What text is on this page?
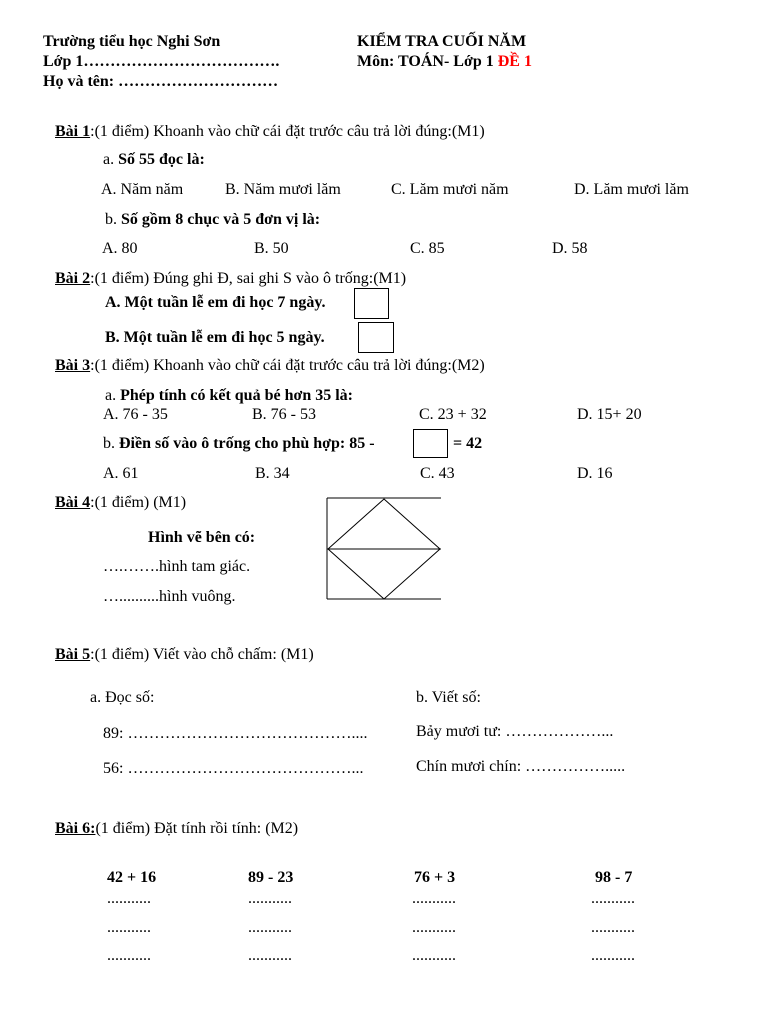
Trường tiểu học Nghi Sơn
Lớp 1……………………………….
Họ và tên: …………………………
KIỂM TRA CUỐI NĂM
Môn: TOÁN- Lớp 1 ĐỀ 1
Bài 1:(1 điểm) Khoanh vào chữ cái đặt trước câu trả lời đúng:(M1)
a. Số 55 đọc là:
A. Năm năm	B. Năm mươi lăm	C. Lăm mươi năm	D. Lăm mươi lăm
b. Số gồm 8 chục và 5 đơn vị là:
A. 80	B. 50	C. 85	D. 58
Bài 2:(1 điểm) Đúng ghi Đ, sai ghi S vào ô trống:(M1)
A. Một tuần lễ em đi học 7 ngày.
B. Một tuần lễ em đi học 5 ngày.
Bài 3:(1 điểm) Khoanh vào chữ cái đặt trước câu trả lời đúng:(M2)
a. Phép tính có kết quả bé hơn 35 là:
A. 76 - 35	B. 76 - 53	C. 23 + 32	D. 15+ 20
b. Điền số vào ô trống cho phù hợp: 85 -	= 42
A. 61	B. 34	C. 43	D. 16
Bài 4:(1 điểm) (M1)
Hình vẽ bên có:
….…….hình tam giác.
…..........hình vuông.
Bài 5:(1 điểm) Viết vào chỗ chấm: (M1)
a. Đọc số:	b. Viết số:
89: ……………………………………....	Bảy mươi tư: ………………...
56: ……………………………………...	Chín mươi chín: …………….....
Bài 6:(1 điểm) Đặt tính rồi tính: (M2)
42 + 16	89 - 23	76 + 3	98 - 7
...........	...........	...........	...........
...........	...........	...........	...........
...........	...........	...........	...........
